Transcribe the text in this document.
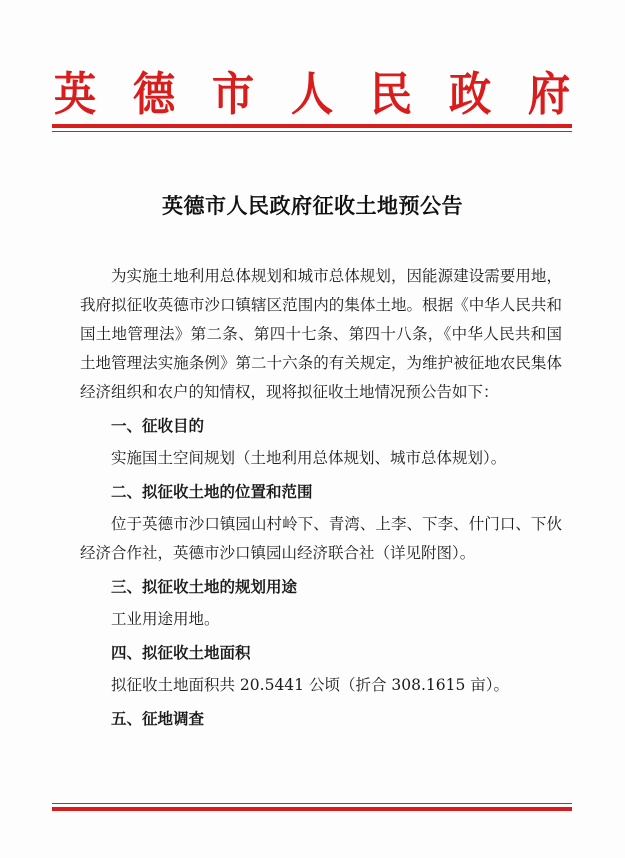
英 德 市 人 民 政 府
英德市人民政府征收土地预公告

为实施土地利用总体规划和城市总体规划，因能源建设需要用地，我府拟征收英德市沙口镇辖区范围内的集体土地。根据《中华人民共和国土地管理法》第二条、第四十七条、第四十八条，《中华人民共和国土地管理法实施条例》第二十六条的有关规定，为维护被征地农民集体经济组织和农户的知情权，现将拟征收土地情况预公告如下：

一、征收目的

实施国土空间规划（土地利用总体规划、城市总体规划）。

二、拟征收土地的位置和范围

位于英德市沙口镇园山村岭下、青湾、上李、下李、什门口、下伙经济合作社，英德市沙口镇园山经济联合社（详见附图）。

三、拟征收土地的规划用途

工业用途用地。

四、拟征收土地面积

拟征收土地面积共 20.5441 公顷（折合 308.1615 亩）。

五、征地调查
